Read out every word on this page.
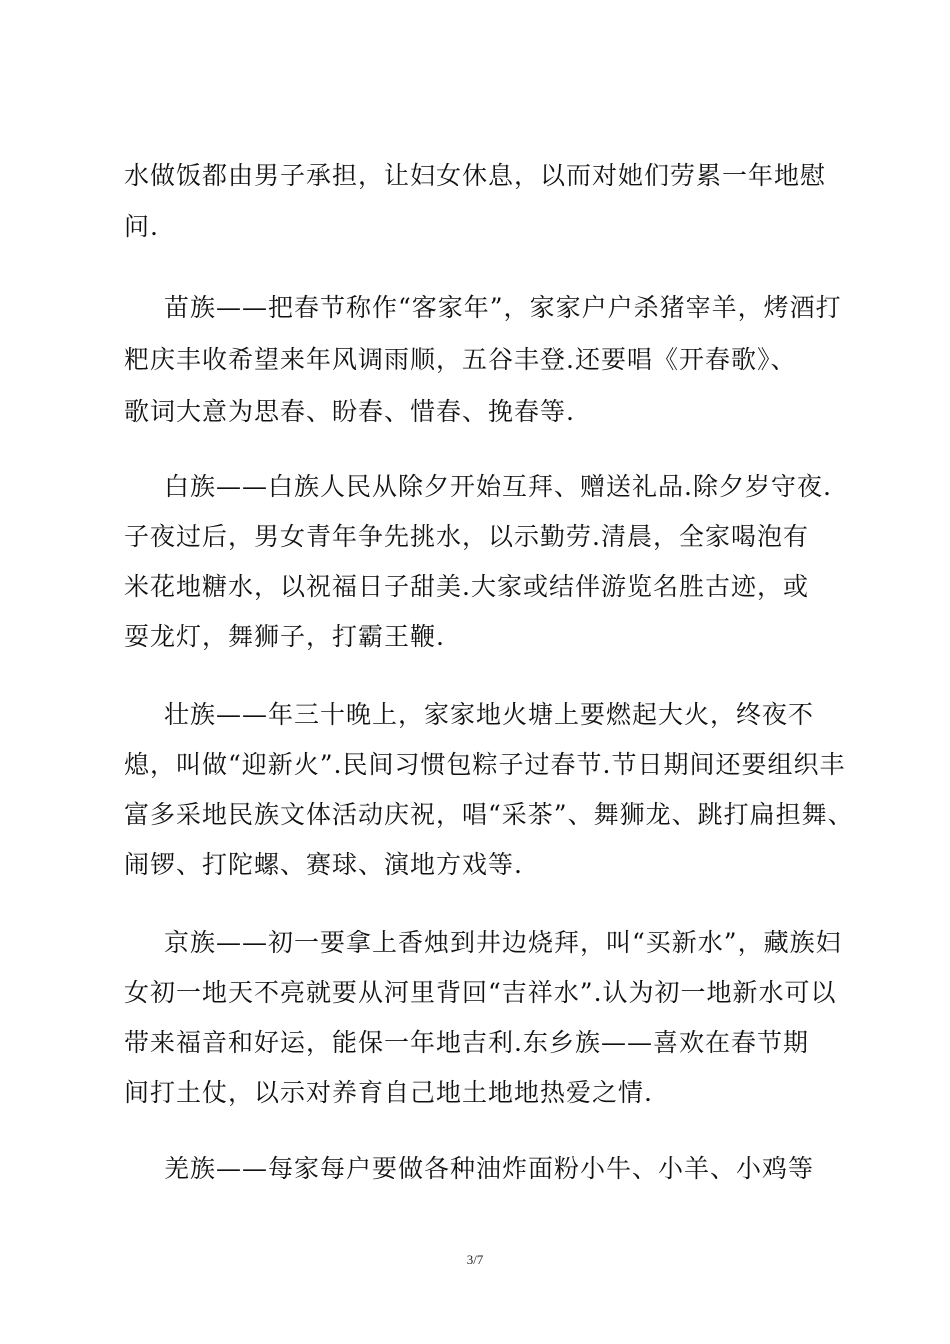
水做饭都由男子承担，让妇女休息，以而对她们劳累一年地慰
问.
苗族——把春节称作“客家年”，家家户户杀猪宰羊，烤酒打
粑庆丰收希望来年风调雨顺，五谷丰登.还要唱《开春歌》、
歌词大意为思春、盼春、惜春、挽春等.
白族——白族人民从除夕开始互拜、赠送礼品.除夕岁守夜.
子夜过后，男女青年争先挑水，以示勤劳.清晨，全家喝泡有
米花地糖水，以祝福日子甜美.大家或结伴游览名胜古迹，或
耍龙灯，舞狮子，打霸王鞭.
壮族——年三十晚上，家家地火塘上要燃起大火，终夜不
熄，叫做“迎新火”.民间习惯包粽子过春节.节日期间还要组织丰
富多采地民族文体活动庆祝，唱“采茶”、舞狮龙、跳打扁担舞、
闹锣、打陀螺、赛球、演地方戏等.
京族——初一要拿上香烛到井边烧拜，叫“买新水”，藏族妇
女初一地天不亮就要从河里背回“吉祥水”.认为初一地新水可以
带来福音和好运，能保一年地吉利.东乡族——喜欢在春节期
间打土仗，以示对养育自己地土地地热爱之情.
羌族——每家每户要做各种油炸面粉小牛、小羊、小鸡等
3/7
